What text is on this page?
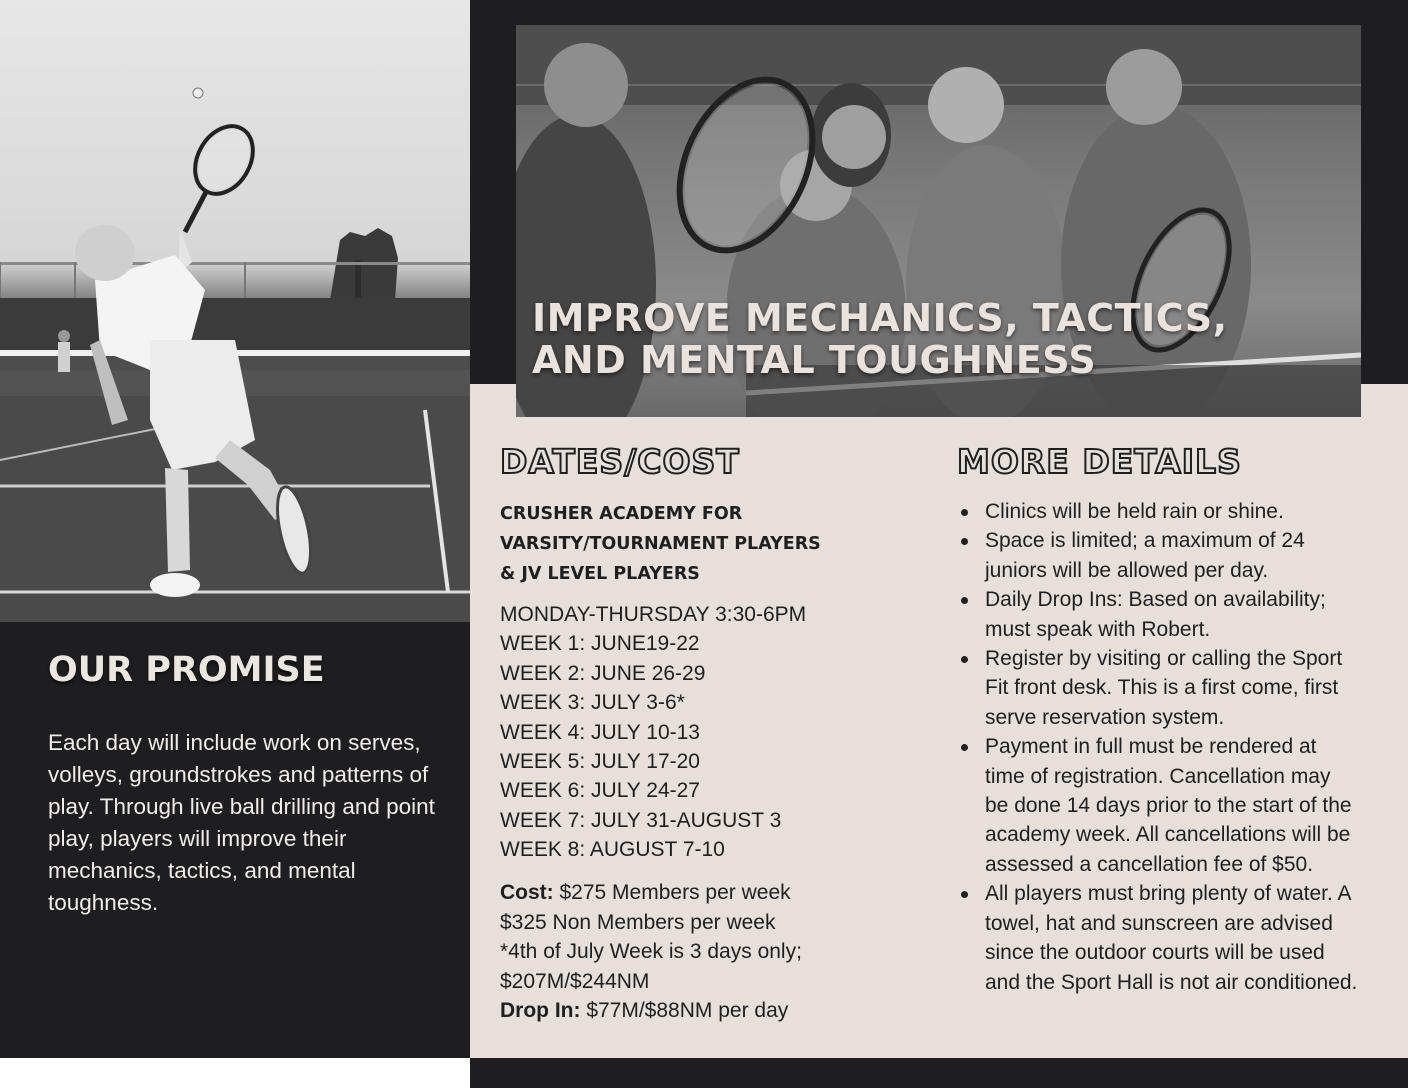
IMPROVE MECHANICS, TACTICS,
AND MENTAL TOUGHNESS
OUR PROMISE

Each day will include work on serves, volleys, groundstrokes and patterns of play. Through live ball drilling and point play, players will improve their mechanics, tactics, and mental toughness.

DATES/COST
CRUSHER ACADEMY FOR
VARSITY/TOURNAMENT PLAYERS
& JV LEVEL PLAYERS
MONDAY-THURSDAY 3:30-6PM
WEEK 1: JUNE19-22
WEEK 2: JUNE 26-29
WEEK 3: JULY 3-6*
WEEK 4: JULY 10-13
WEEK 5: JULY 17-20
WEEK 6: JULY 24-27
WEEK 7: JULY 31-AUGUST 3
WEEK 8: AUGUST 7-10
Cost: $275 Members per week
$325 Non Members per week
*4th of July Week is 3 days only;
$207M/$244NM
Drop In: $77M/$88NM per day
MORE DETAILS
Clinics will be held rain or shine.
Space is limited; a maximum of 24
juniors will be allowed per day.
Daily Drop Ins: Based on availability;
must speak with Robert.
Register by visiting or calling the Sport
Fit front desk. This is a first come, first
serve reservation system.
Payment in full must be rendered at
time of registration. Cancellation may
be done 14 days prior to the start of the
academy week. All cancellations will be
assessed a cancellation fee of $50.
All players must bring plenty of water. A
towel, hat and sunscreen are advised
since the outdoor courts will be used
and the Sport Hall is not air conditioned.
